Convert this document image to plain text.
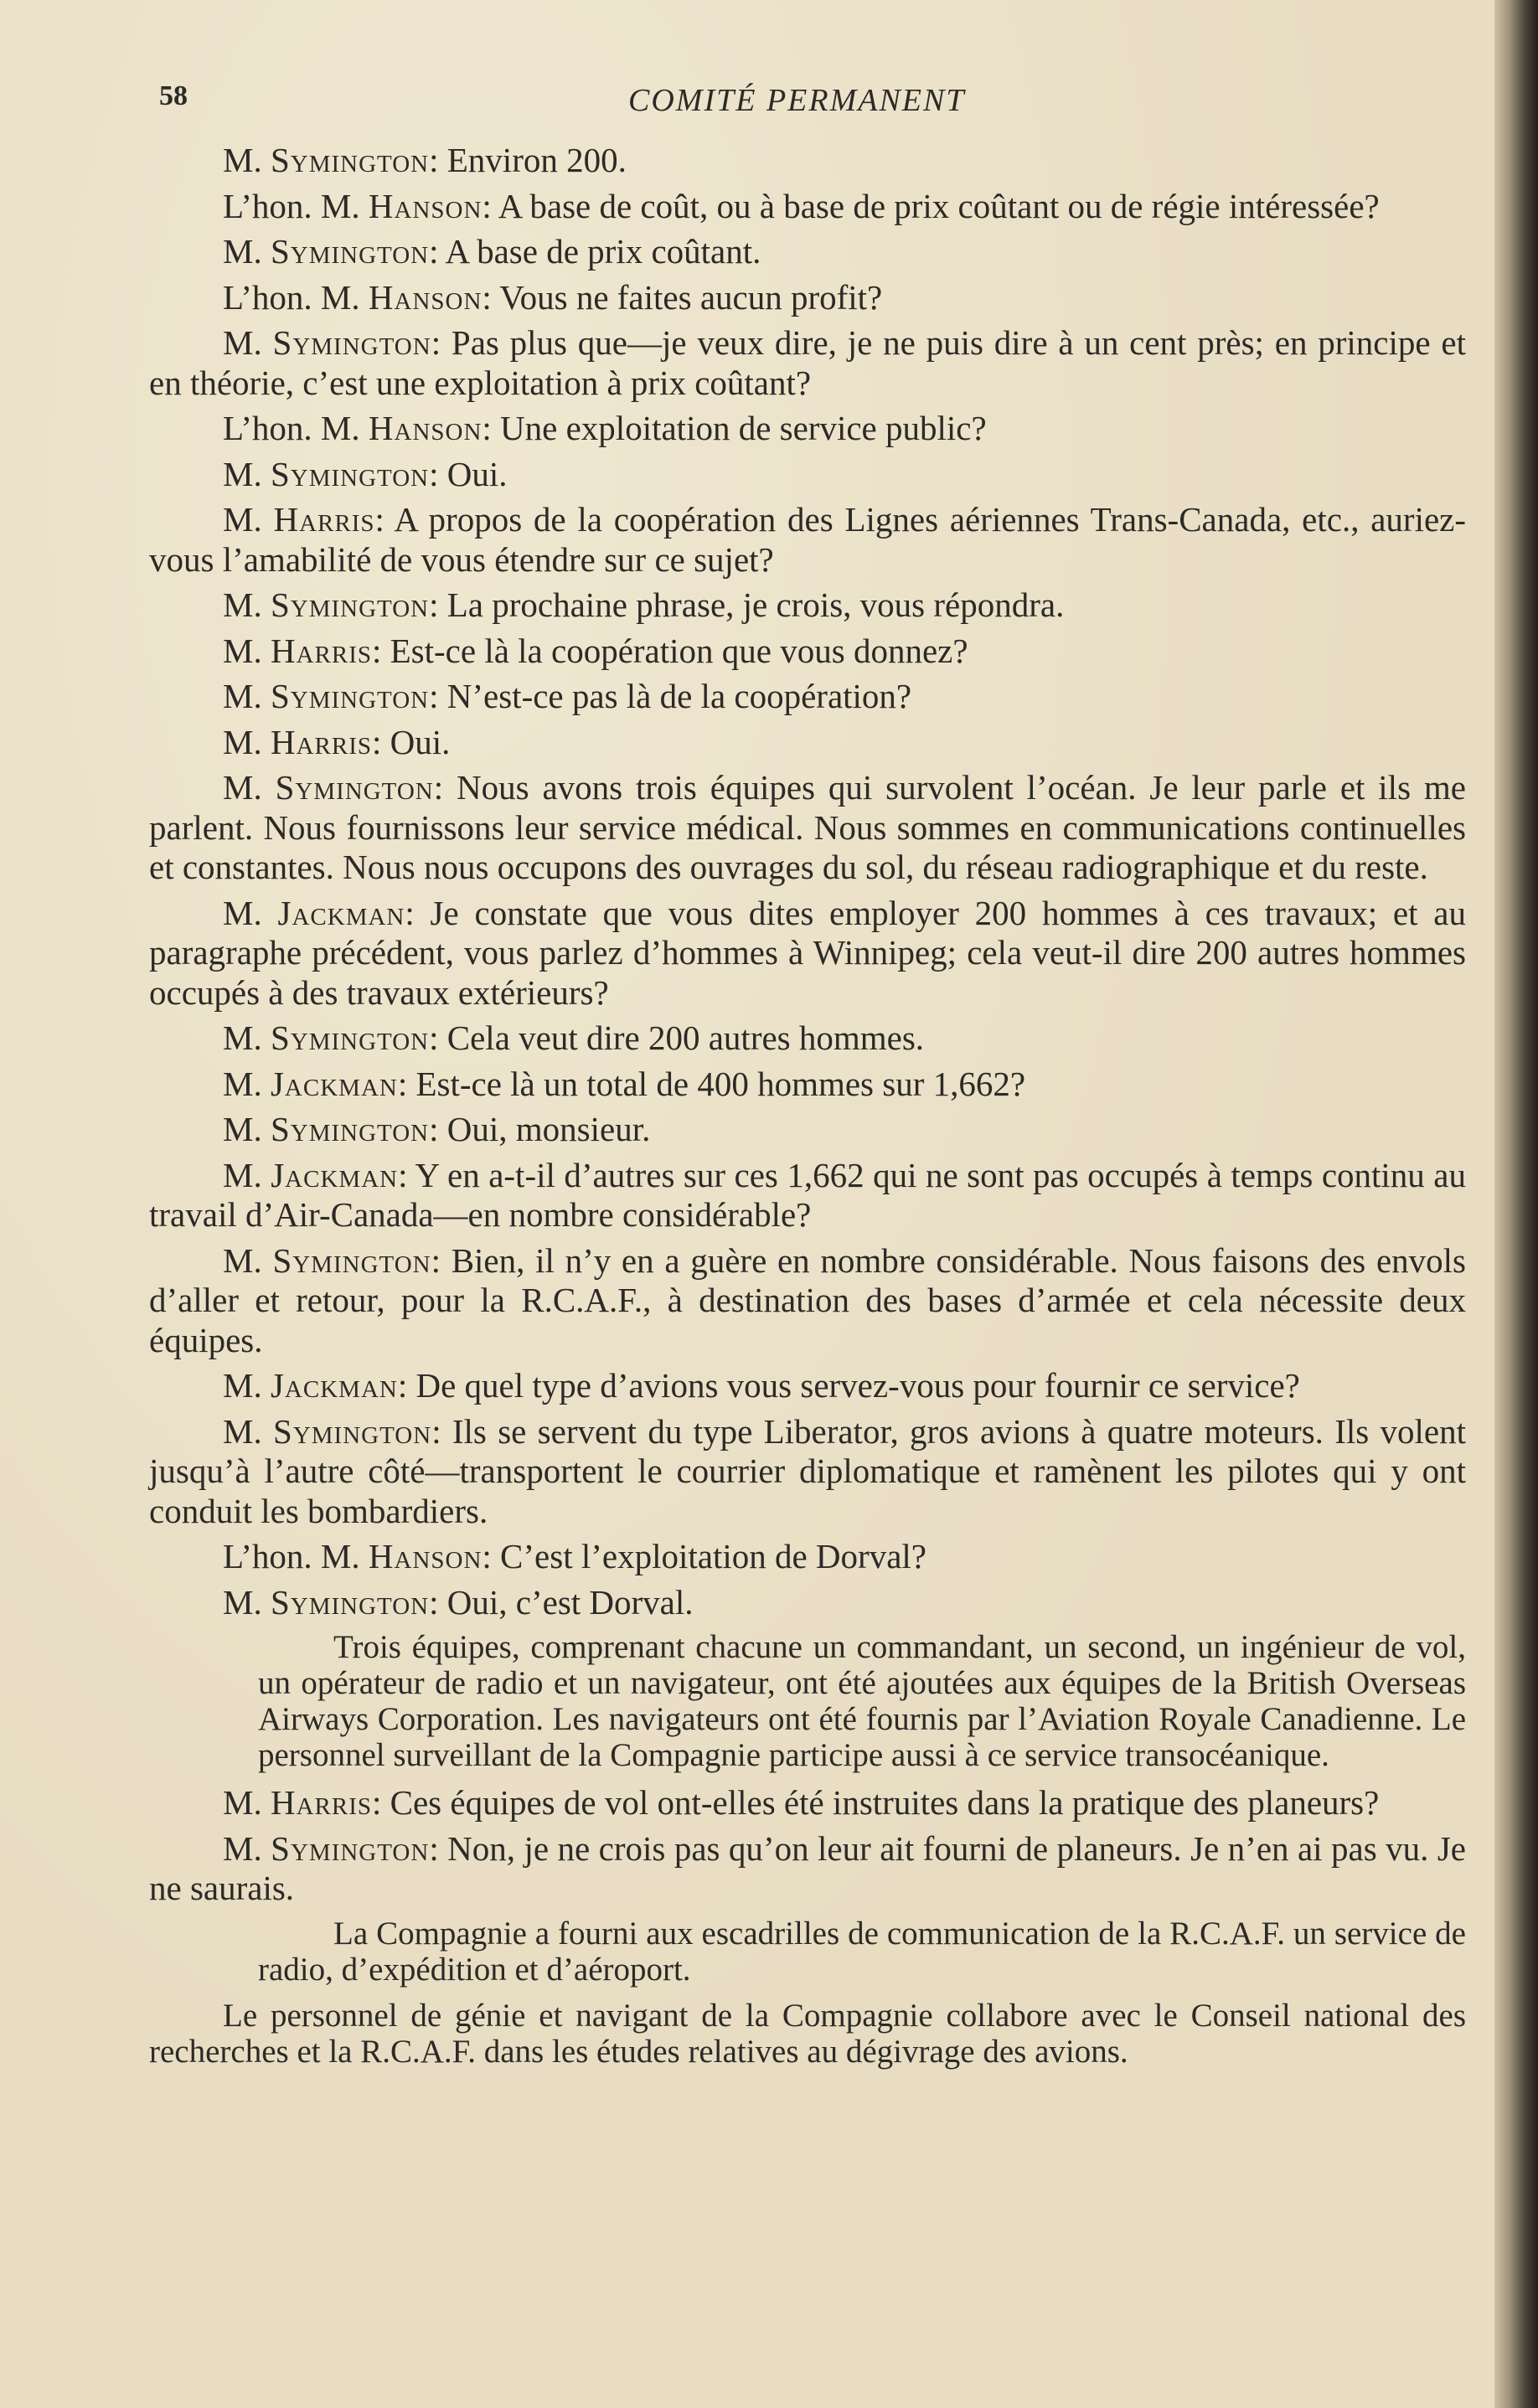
58	COMITÉ PERMANENT

M. Symington: Environ 200.

L’hon. M. Hanson: A base de coût, ou à base de prix coûtant ou de régie intéressée?

M. Symington: A base de prix coûtant.

L’hon. M. Hanson: Vous ne faites aucun profit?

M. Symington: Pas plus que—je veux dire, je ne puis dire à un cent près; en principe et en théorie, c’est une exploitation à prix coûtant?

L’hon. M. Hanson: Une exploitation de service public?

M. Symington: Oui.

M. Harris: A propos de la coopération des Lignes aériennes Trans-Canada, etc., auriez-vous l’amabilité de vous étendre sur ce sujet?

M. Symington: La prochaine phrase, je crois, vous répondra.

M. Harris: Est-ce là la coopération que vous donnez?

M. Symington: N’est-ce pas là de la coopération?

M. Harris: Oui.

M. Symington: Nous avons trois équipes qui survolent l’océan. Je leur parle et ils me parlent. Nous fournissons leur service médical. Nous sommes en communications continuelles et constantes. Nous nous occupons des ouvrages du sol, du réseau radiographique et du reste.

M. Jackman: Je constate que vous dites employer 200 hommes à ces travaux; et au paragraphe précédent, vous parlez d’hommes à Winnipeg; cela veut-il dire 200 autres hommes occupés à des travaux extérieurs?

M. Symington: Cela veut dire 200 autres hommes.

M. Jackman: Est-ce là un total de 400 hommes sur 1,662?

M. Symington: Oui, monsieur.

M. Jackman: Y en a-t-il d’autres sur ces 1,662 qui ne sont pas occupés à temps continu au travail d’Air-Canada—en nombre considérable?

M. Symington: Bien, il n’y en a guère en nombre considérable. Nous faisons des envols d’aller et retour, pour la R.C.A.F., à destination des bases d’armée et cela nécessite deux équipes.

M. Jackman: De quel type d’avions vous servez-vous pour fournir ce service?

M. Symington: Ils se servent du type Liberator, gros avions à quatre moteurs. Ils volent jusqu’à l’autre côté—transportent le courrier diplomatique et ramènent les pilotes qui y ont conduit les bombardiers.

L’hon. M. Hanson: C’est l’exploitation de Dorval?

M. Symington: Oui, c’est Dorval.

Trois équipes, comprenant chacune un commandant, un second, un ingénieur de vol, un opérateur de radio et un navigateur, ont été ajoutées aux équipes de la British Overseas Airways Corporation. Les navigateurs ont été fournis par l’Aviation Royale Canadienne. Le personnel surveillant de la Compagnie participe aussi à ce service transocéanique.

M. Harris: Ces équipes de vol ont-elles été instruites dans la pratique des planeurs?

M. Symington: Non, je ne crois pas qu’on leur ait fourni de planeurs. Je n’en ai pas vu. Je ne saurais.

La Compagnie a fourni aux escadrilles de communication de la R.C.A.F. un service de radio, d’expédition et d’aéroport.

Le personnel de génie et navigant de la Compagnie collabore avec le Conseil national des recherches et la R.C.A.F. dans les études relatives au dégivrage des avions.
